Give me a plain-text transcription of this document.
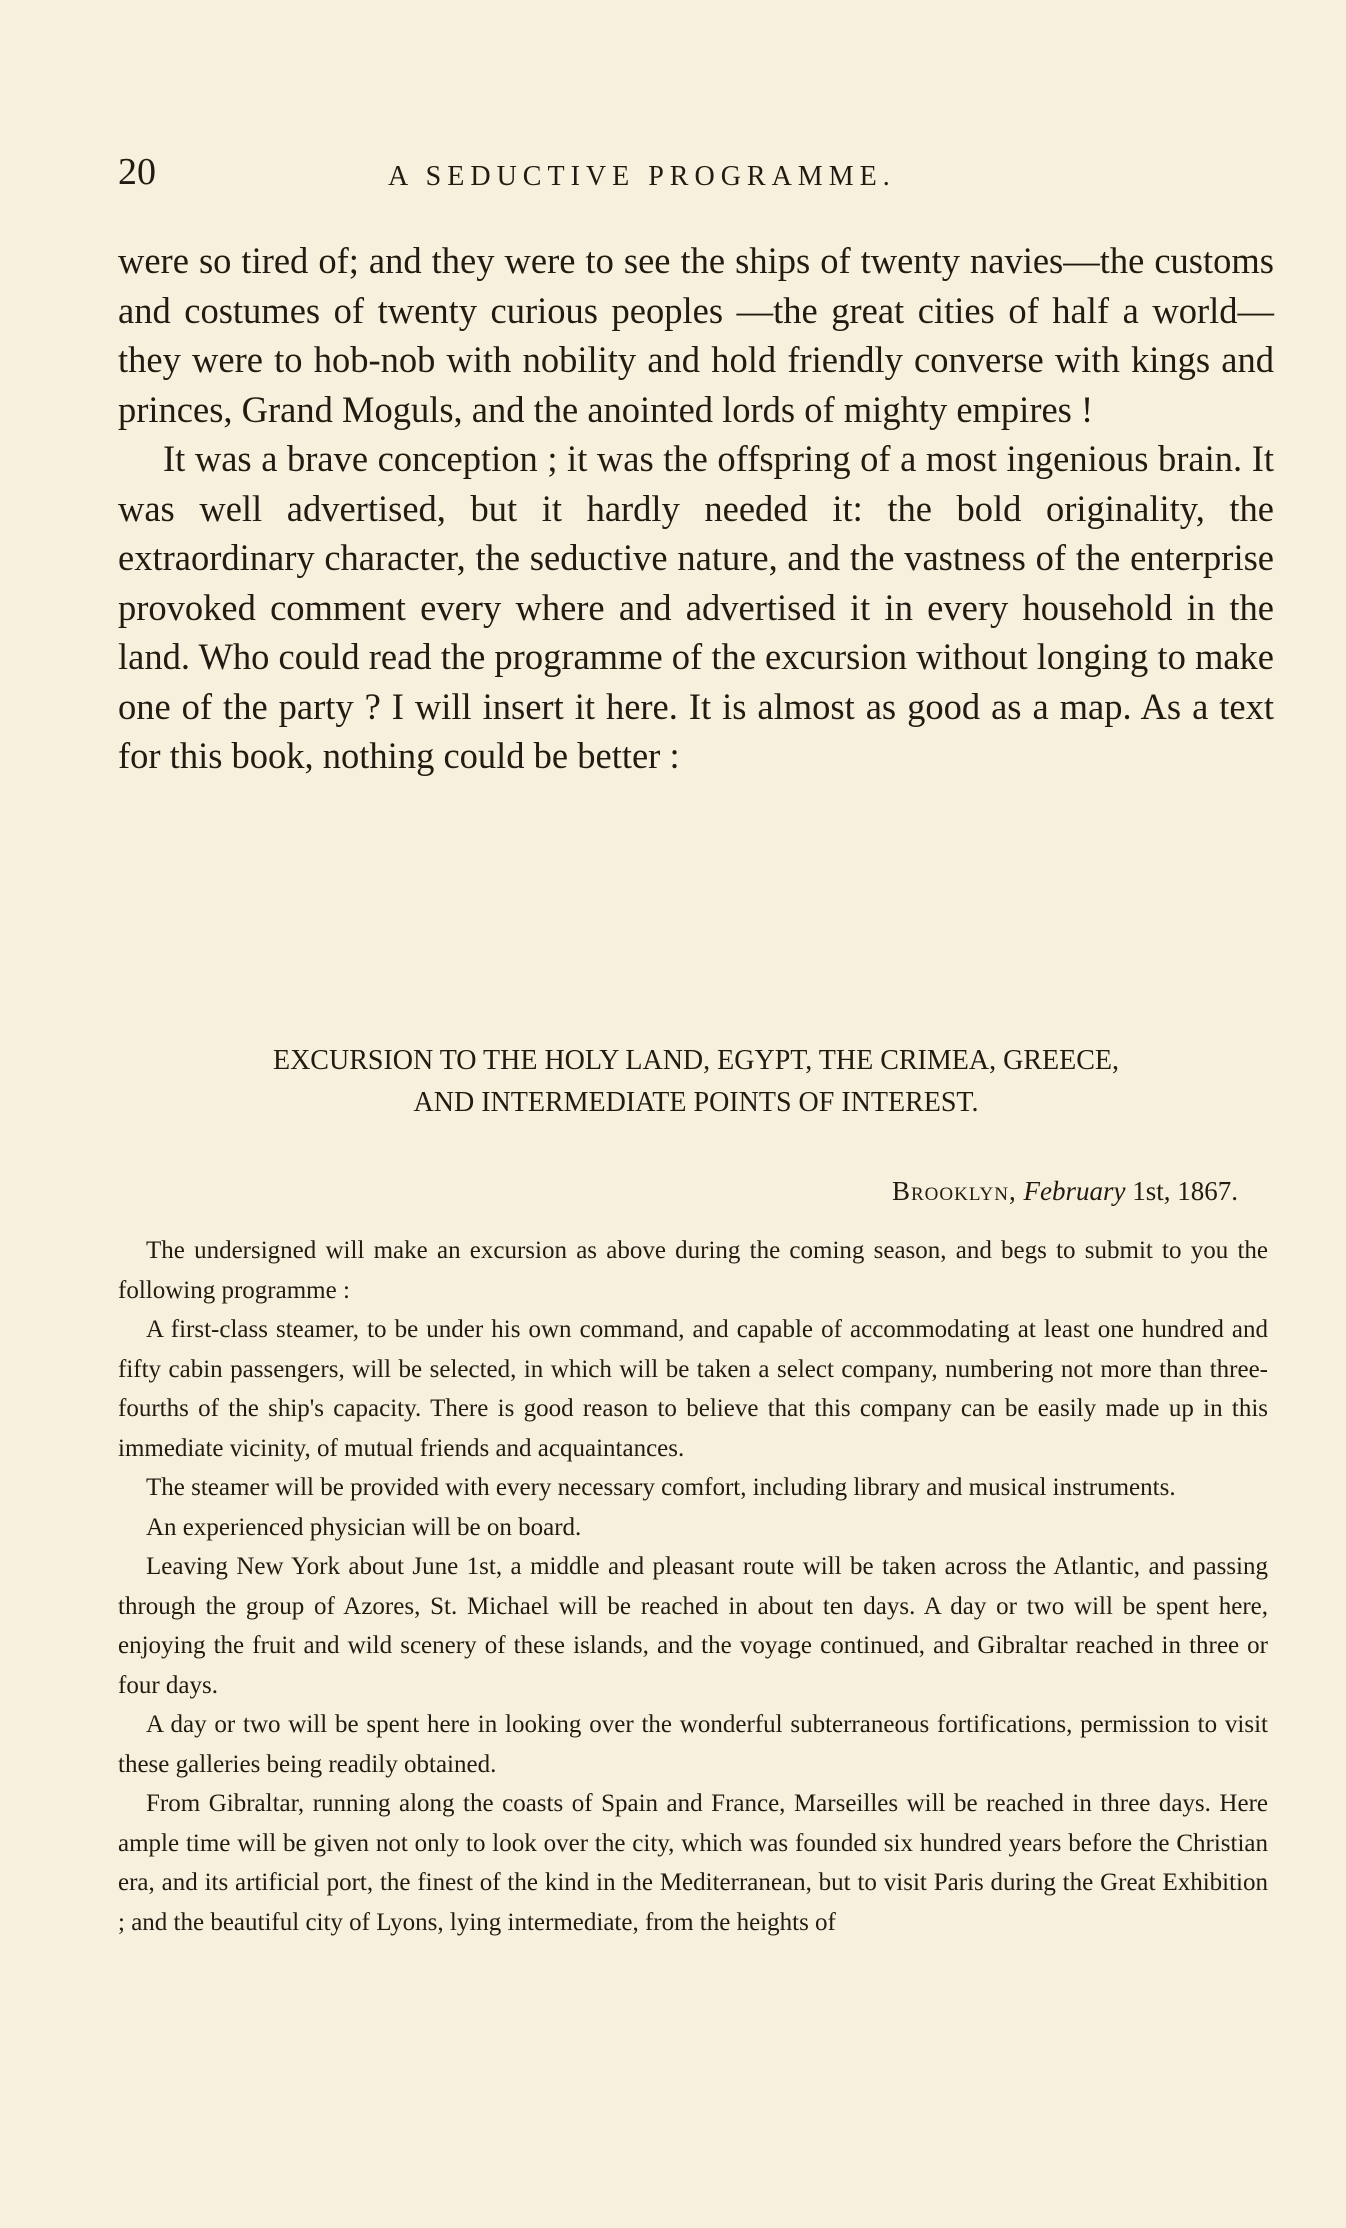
20	A SEDUCTIVE PROGRAMME.

were so tired of; and they were to see the ships of twenty navies—the customs and costumes of twenty curious peoples —the great cities of half a world—they were to hob-nob with nobility and hold friendly converse with kings and princes, Grand Moguls, and the anointed lords of mighty empires !

It was a brave conception ; it was the offspring of a most ingenious brain. It was well advertised, but it hardly needed it: the bold originality, the extraordinary character, the seductive nature, and the vastness of the enterprise provoked comment every where and advertised it in every household in the land. Who could read the programme of the excursion without longing to make one of the party ? I will insert it here. It is almost as good as a map. As a text for this book, nothing could be better :

EXCURSION TO THE HOLY LAND, EGYPT, THE CRIMEA, GREECE,
AND INTERMEDIATE POINTS OF INTEREST.
Brooklyn, February 1st, 1867.

The undersigned will make an excursion as above during the coming season, and begs to submit to you the following programme :

A first-class steamer, to be under his own command, and capable of accommodating at least one hundred and fifty cabin passengers, will be selected, in which will be taken a select company, numbering not more than three-fourths of the ship's capacity. There is good reason to believe that this company can be easily made up in this immediate vicinity, of mutual friends and acquaintances.

The steamer will be provided with every necessary comfort, including library and musical instruments.

An experienced physician will be on board.

Leaving New York about June 1st, a middle and pleasant route will be taken across the Atlantic, and passing through the group of Azores, St. Michael will be reached in about ten days. A day or two will be spent here, enjoying the fruit and wild scenery of these islands, and the voyage continued, and Gibraltar reached in three or four days.

A day or two will be spent here in looking over the wonderful subterraneous fortifications, permission to visit these galleries being readily obtained.

From Gibraltar, running along the coasts of Spain and France, Marseilles will be reached in three days. Here ample time will be given not only to look over the city, which was founded six hundred years before the Christian era, and its artificial port, the finest of the kind in the Mediterranean, but to visit Paris during the Great Exhibition ; and the beautiful city of Lyons, lying intermediate, from the heights of
